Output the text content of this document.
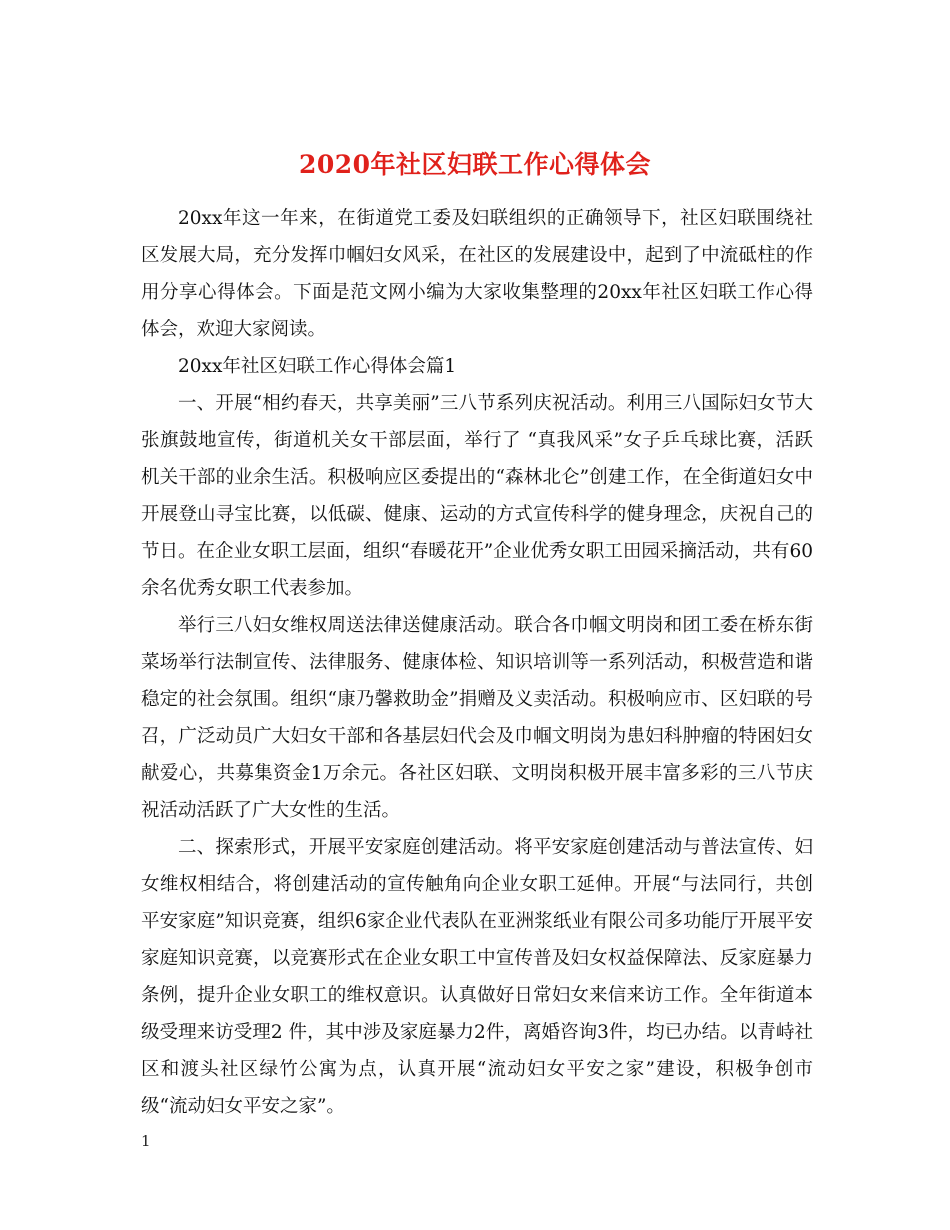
2020年社区妇联工作心得体会

20xx年这一年来，在街道党工委及妇联组织的正确领导下，社区妇联围绕社区发展大局，充分发挥巾帼妇女风采，在社区的发展建设中，起到了中流砥柱的作用分享心得体会。下面是范文网小编为大家收集整理的20xx年社区妇联工作心得体会，欢迎大家阅读。

20xx年社区妇联工作心得体会篇1

一、开展“相约春天，共享美丽”三八节系列庆祝活动。利用三八国际妇女节大张旗鼓地宣传，街道机关女干部层面，举行了 “真我风采”女子乒乓球比赛，活跃机关干部的业余生活。积极响应区委提出的“森林北仑”创建工作，在全街道妇女中开展登山寻宝比赛，以低碳、健康、运动的方式宣传科学的健身理念，庆祝自己的节日。在企业女职工层面，组织“春暖花开”企业优秀女职工田园采摘活动，共有60余名优秀女职工代表参加。

举行三八妇女维权周送法律送健康活动。联合各巾帼文明岗和团工委在桥东街菜场举行法制宣传、法律服务、健康体检、知识培训等一系列活动，积极营造和谐稳定的社会氛围。组织“康乃馨救助金”捐赠及义卖活动。积极响应市、区妇联的号召，广泛动员广大妇女干部和各基层妇代会及巾帼文明岗为患妇科肿瘤的特困妇女献爱心，共募集资金1万余元。各社区妇联、文明岗积极开展丰富多彩的三八节庆祝活动活跃了广大女性的生活。

二、探索形式，开展平安家庭创建活动。将平安家庭创建活动与普法宣传、妇女维权相结合，将创建活动的宣传触角向企业女职工延伸。开展“与法同行，共创平安家庭”知识竞赛，组织6家企业代表队在亚洲浆纸业有限公司多功能厅开展平安家庭知识竞赛，以竞赛形式在企业女职工中宣传普及妇女权益保障法、反家庭暴力条例，提升企业女职工的维权意识。认真做好日常妇女来信来访工作。全年街道本级受理来访受理2 件，其中涉及家庭暴力2件，离婚咨询3件，均已办结。以青峙社区和渡头社区绿竹公寓为点，认真开展“流动妇女平安之家”建设，积极争创市级“流动妇女平安之家”。

1
